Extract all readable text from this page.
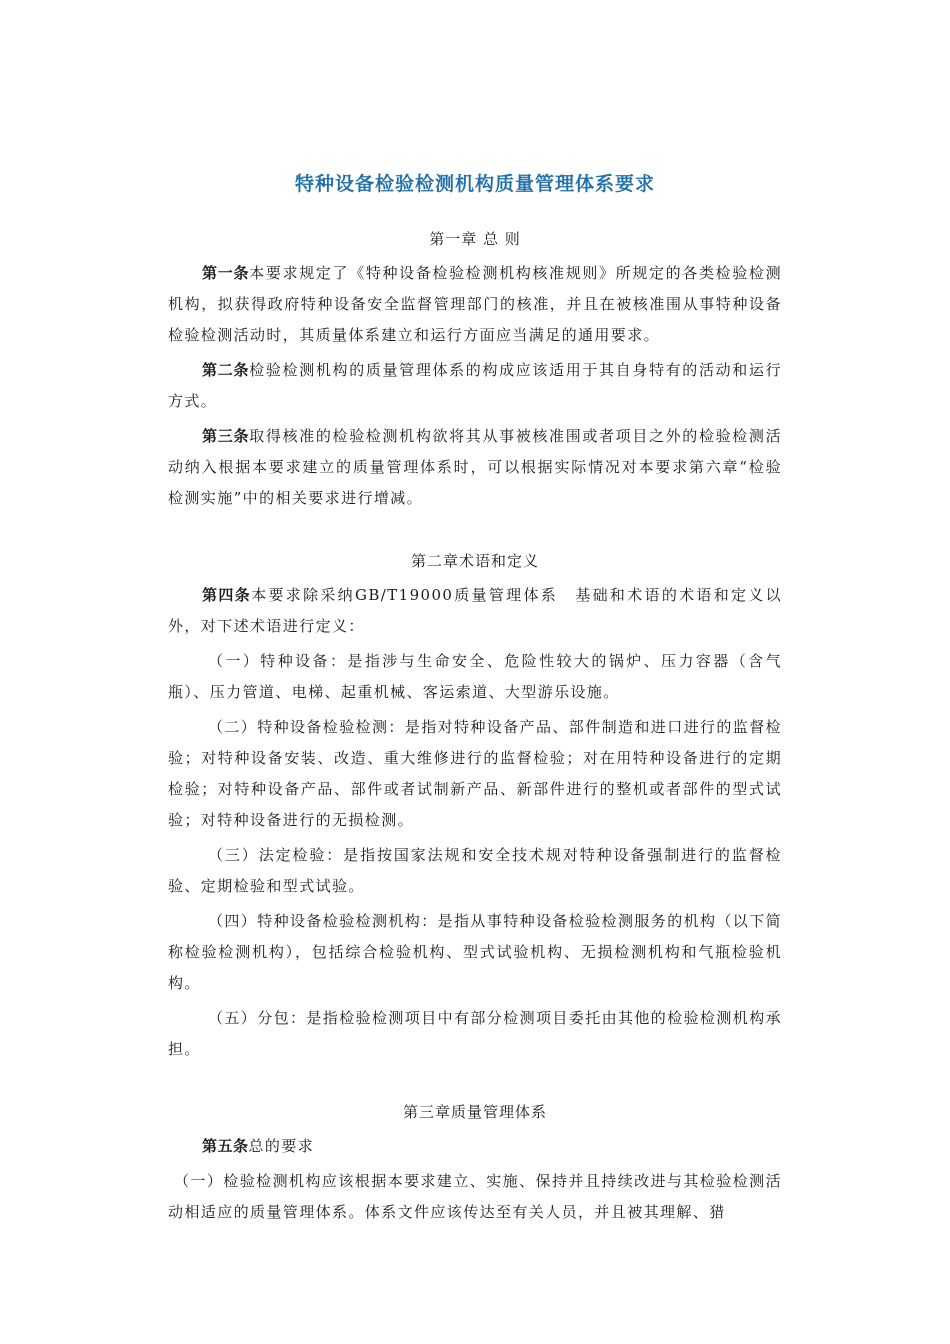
特种设备检验检测机构质量管理体系要求
第一章 总 则

第一条本要求规定了《特种设备检验检测机构核准规则》所规定的各类检验检测机构，拟获得政府特种设备安全监督管理部门的核准，并且在被核准围从事特种设备检验检测活动时，其质量体系建立和运行方面应当满足的通用要求。

第二条检验检测机构的质量管理体系的构成应该适用于其自身特有的活动和运行方式。

第三条取得核准的检验检测机构欲将其从事被核准围或者项目之外的检验检测活动纳入根据本要求建立的质量管理体系时，可以根据实际情况对本要求第六章“检验检测实施”中的相关要求进行增减。

第二章术语和定义

第四条本要求除采纳GB/T19000质量管理体系　基础和术语的术语和定义以外，对下述术语进行定义：

（一）特种设备：是指涉与生命安全、危险性较大的锅炉、压力容器（含气瓶）、压力管道、电梯、起重机械、客运索道、大型游乐设施。

（二）特种设备检验检测：是指对特种设备产品、部件制造和进口进行的监督检验；对特种设备安装、改造、重大维修进行的监督检验；对在用特种设备进行的定期检验；对特种设备产品、部件或者试制新产品、新部件进行的整机或者部件的型式试验；对特种设备进行的无损检测。

（三）法定检验：是指按国家法规和安全技术规对特种设备强制进行的监督检验、定期检验和型式试验。

（四）特种设备检验检测机构：是指从事特种设备检验检测服务的机构（以下简称检验检测机构），包括综合检验机构、型式试验机构、无损检测机构和气瓶检验机构。

（五）分包：是指检验检测项目中有部分检测项目委托由其他的检验检测机构承担。

第三章质量管理体系

第五条总的要求

（一）检验检测机构应该根据本要求建立、实施、保持并且持续改进与其检验检测活动相适应的质量管理体系。体系文件应该传达至有关人员，并且被其理解、猎
